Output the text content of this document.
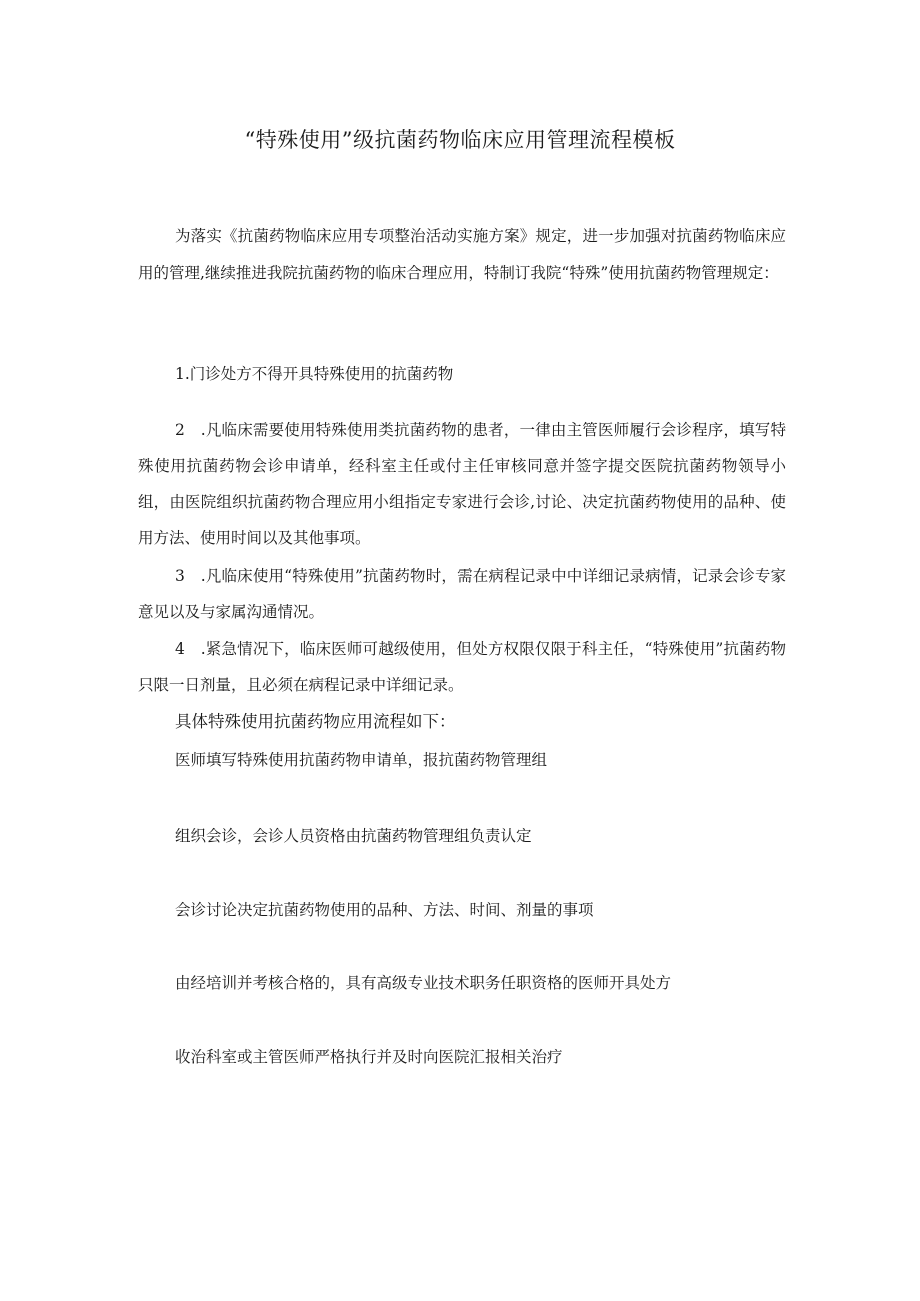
“特殊使用”级抗菌药物临床应用管理流程模板
为落实《抗菌药物临床应用专项整治活动实施方案》规定，进一步加强对抗菌药物临床应用的管理,继续推进我院抗菌药物的临床合理应用，特制订我院“特殊”使用抗菌药物管理规定：
1.门诊处方不得开具特殊使用的抗菌药物
2　.凡临床需要使用特殊使用类抗菌药物的患者，一律由主管医师履行会诊程序，填写特殊使用抗菌药物会诊申请单，经科室主任或付主任审核同意并签字提交医院抗菌药物领导小组，由医院组织抗菌药物合理应用小组指定专家进行会诊,讨论、决定抗菌药物使用的品种、使用方法、使用时间以及其他事项。
3　.凡临床使用“特殊使用”抗菌药物时，需在病程记录中中详细记录病情，记录会诊专家意见以及与家属沟通情况。
4　.紧急情况下，临床医师可越级使用，但处方权限仅限于科主任，“特殊使用”抗菌药物只限一日剂量，且必须在病程记录中详细记录。
具体特殊使用抗菌药物应用流程如下：
医师填写特殊使用抗菌药物申请单，报抗菌药物管理组
组织会诊，会诊人员资格由抗菌药物管理组负责认定
会诊讨论决定抗菌药物使用的品种、方法、时间、剂量的事项
由经培训并考核合格的，具有高级专业技术职务任职资格的医师开具处方
收治科室或主管医师严格执行并及时向医院汇报相关治疗
